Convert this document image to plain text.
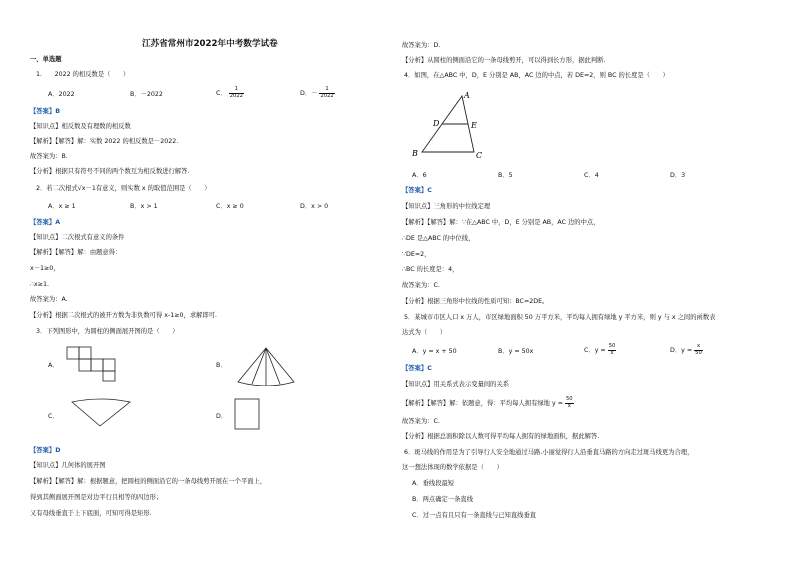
江苏省常州市2022年中考数学试卷
一、单选题
1.　　2022 的相反数是（　　）
A．2022	B．－2022	C． $\frac{1}{2022}$	D．－ $\frac{1}{2022}$
【答案】B
【知识点】相反数及有理数的相反数
【解析】【解答】解：实数 2022 的相反数是－2022.
故答案为：B.
【分析】根据只有符号不同的两个数互为相反数进行解答.
2．若二次根式√x－1有意义，则实数 x 的取值范围是（　　）
A．x ≥ 1	B．x > 1	C．x ≥ 0	D．x > 0
【答案】A
【知识点】二次根式有意义的条件
【解析】【解答】解：由题意得：
x－1≥0，
∴x≥1.
故答案为：A.
【分析】根据二次根式的被开方数为非负数可得 x-1≥0，求解即可.
3．下列图形中，为圆柱的侧面展开图的是（　　）
A．	B．
C．	D．
【答案】D
【知识点】几何体的展开图
【解析】【解答】解：根据题意，把圆柱的侧面沿它的一条母线剪开展在一个平面上，
得到其侧面展开图是对边平行且相等的四边形；
又有母线垂直于上下底面，可知可得是矩形.
故答案为：D.
【分析】从圆柱的侧面沿它的一条母线剪开，可以得到长方形，据此判断.
4．如图，在△ABC 中，D，E 分别是 AB，AC 边的中点，若 DE=2，则 BC 的长度是（　　）
A
B	C
D	E
A．6	B．5	C．4	D．3
【答案】C
【知识点】三角形的中位线定理
【解析】【解答】解：∵在△ABC 中，D，E 分别是 AB，AC 边的中点，
∴DE 是△ABC 的中位线，
∵DE=2，
∴BC 的长度是：4，
故答案为：C.
【分析】根据三角形中位线的性质可知：BC=2DE。
5．某城市市区人口 x 万人，市区绿地面积 50 万平方米，平均每人拥有绿地 y 平方米，则 y 与 x 之间的函数表
达式为（　　）
A．y = x + 50	B．y = 50x	C．$y = \frac{50}{x}$	D．$y = \frac{x}{50}$
【答案】C
【知识点】用关系式表示变量间的关系
【解析】【解答】解：依题意，得：平均每人拥有绿地 $y = \frac{50}{x}$
故答案为：C.
【分析】根据总面积除以人数可得平均每人拥有的绿地面积，据此解答.
6．斑马线的作用是为了引导行人安全地通过马路.小丽觉得行人沿垂直马路的方向走过斑马线更为合理，
这一想法体现的数学依据是（　　）
A．垂线段最短
B．两点确定一条直线
C．过一点有且只有一条直线与已知直线垂直
